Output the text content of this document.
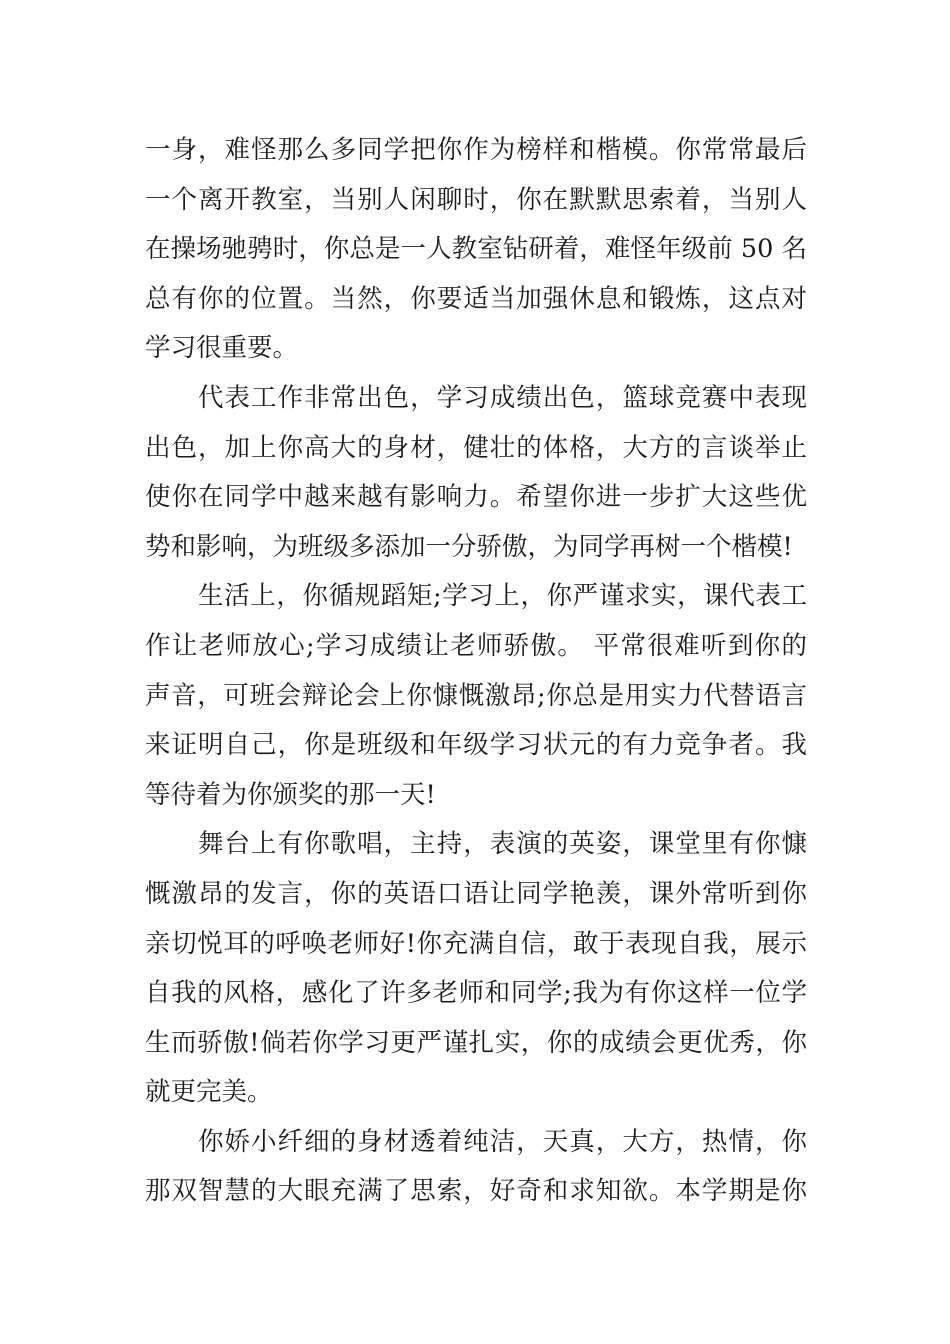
一身，难怪那么多同学把你作为榜样和楷模。你常常最后
一个离开教室，当别人闲聊时，你在默默思索着，当别人
在操场驰骋时，你总是一人教室钻研着，难怪年级前 50 名
总有你的位置。当然，你要适当加强休息和锻炼，这点对
学习很重要。
代表工作非常出色，学习成绩出色，篮球竞赛中表现
出色，加上你高大的身材，健壮的体格，大方的言谈举止
使你在同学中越来越有影响力。希望你进一步扩大这些优
势和影响，为班级多添加一分骄傲，为同学再树一个楷模!
生活上，你循规蹈矩;学习上，你严谨求实，课代表工
作让老师放心;学习成绩让老师骄傲。 平常很难听到你的
声音，可班会辩论会上你慷慨激昂;你总是用实力代替语言
来证明自己，你是班级和年级学习状元的有力竞争者。我
等待着为你颁奖的那一天!
舞台上有你歌唱，主持，表演的英姿，课堂里有你慷
慨激昂的发言，你的英语口语让同学艳羡，课外常听到你
亲切悦耳的呼唤老师好!你充满自信，敢于表现自我，展示
自我的风格，感化了许多老师和同学;我为有你这样一位学
生而骄傲!倘若你学习更严谨扎实，你的成绩会更优秀，你
就更完美。
你娇小纤细的身材透着纯洁，天真，大方，热情，你
那双智慧的大眼充满了思索，好奇和求知欲。本学期是你
